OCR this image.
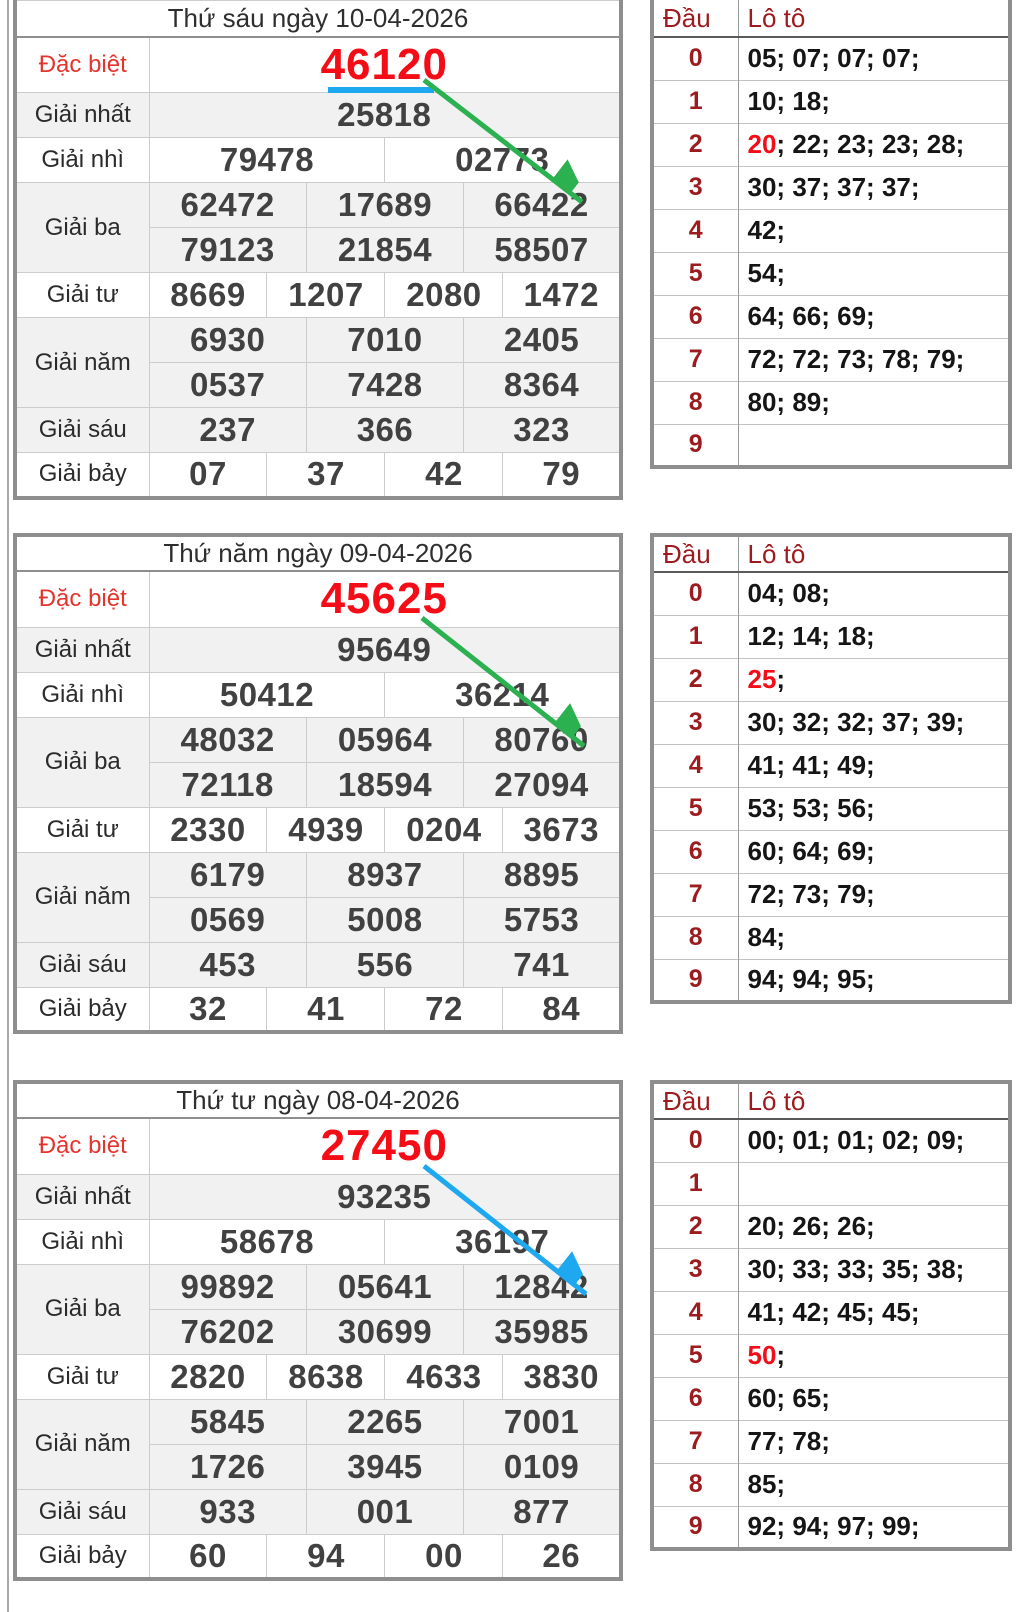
Thứ sáu ngày 10-04-2026						
Đặc biệt	46120					
Giải nhất	25818					
Giải nhì	79478			02773		
Giải ba	62472		17689		66422	
	79123		21854		58507	
Giải tư	8669	1207		2080		1472
Giải năm	6930		7010		2405	
	0537		7428		8364	
Giải sáu	237		366		323	
Giải bảy	07	37		42		79
Đầu	Lô tô
0	05; 07; 07; 07;
1	10; 18;
2	20; 22; 23; 23; 28;
3	30; 37; 37; 37;
4	42;
5	54;
6	64; 66; 69;
7	72; 72; 73; 78; 79;
8	80; 89;
9	
Thứ năm ngày 09-04-2026						
Đặc biệt	45625					
Giải nhất	95649					
Giải nhì	50412			36214		
Giải ba	48032		05964		80760	
	72118		18594		27094	
Giải tư	2330	4939		0204		3673
Giải năm	6179		8937		8895	
	0569		5008		5753	
Giải sáu	453		556		741	
Giải bảy	32	41		72		84
Đầu	Lô tô
0	04; 08;
1	12; 14; 18;
2	25;
3	30; 32; 32; 37; 39;
4	41; 41; 49;
5	53; 53; 56;
6	60; 64; 69;
7	72; 73; 79;
8	84;
9	94; 94; 95;
Thứ tư ngày 08-04-2026						
Đặc biệt	27450					
Giải nhất	93235					
Giải nhì	58678			36197		
Giải ba	99892		05641		12842	
	76202		30699		35985	
Giải tư	2820	8638		4633		3830
Giải năm	5845		2265		7001	
	1726		3945		0109	
Giải sáu	933		001		877	
Giải bảy	60	94		00		26
Đầu	Lô tô
0	00; 01; 01; 02; 09;
1	
2	20; 26; 26;
3	30; 33; 33; 35; 38;
4	41; 42; 45; 45;
5	50;
6	60; 65;
7	77; 78;
8	85;
9	92; 94; 97; 99;
